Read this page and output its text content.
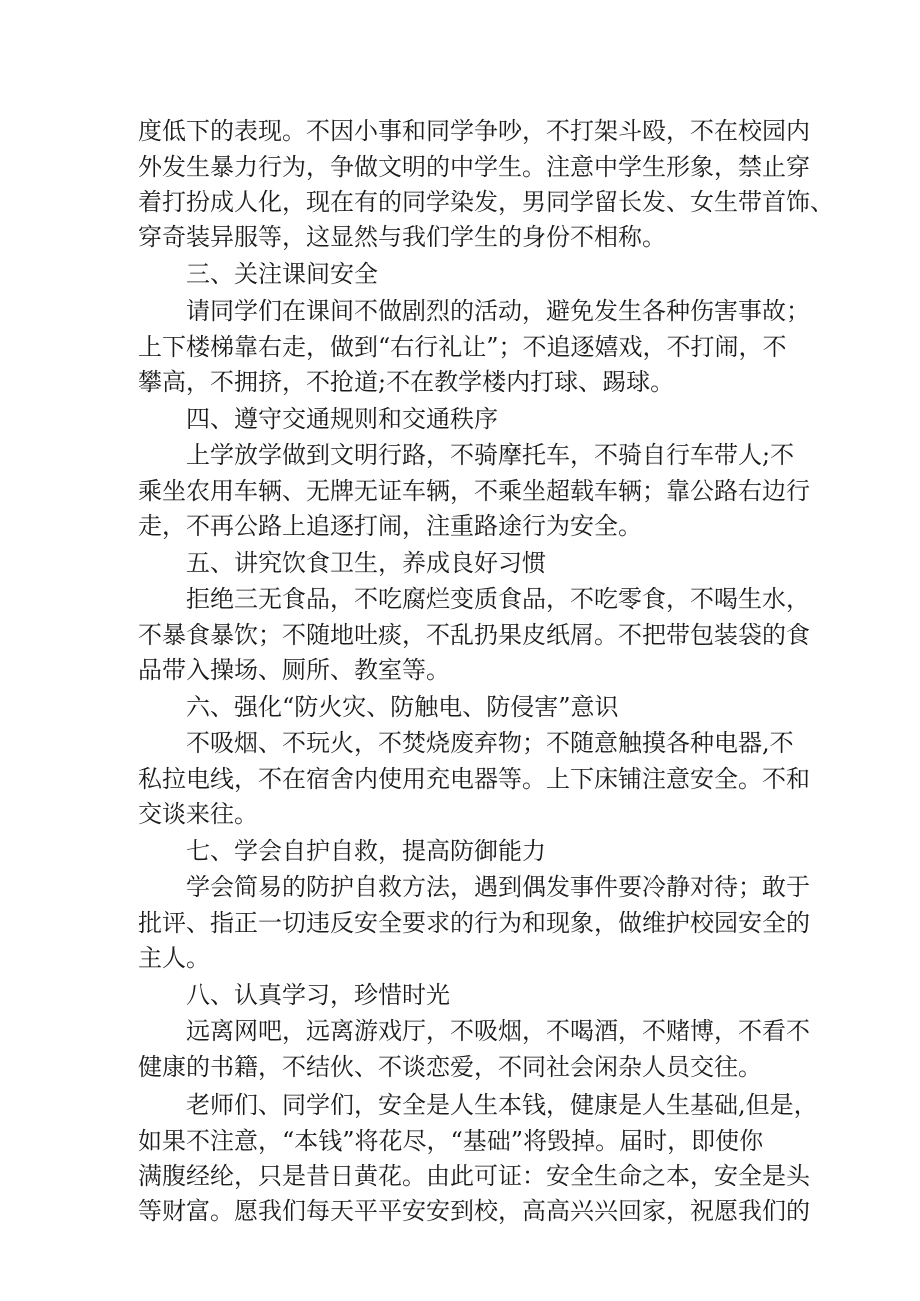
度低下的表现。不因小事和同学争吵，不打架斗殴，不在校园内
外发生暴力行为，争做文明的中学生。注意中学生形象，禁止穿
着打扮成人化，现在有的同学染发，男同学留长发、女生带首饰、
穿奇装异服等，这显然与我们学生的身份不相称。
三、关注课间安全
请同学们在课间不做剧烈的活动，避免发生各种伤害事故；
上下楼梯靠右走，做到“右行礼让”；不追逐嬉戏，不打闹，不
攀高，不拥挤，不抢道;不在教学楼内打球、踢球。
四、遵守交通规则和交通秩序
上学放学做到文明行路，不骑摩托车，不骑自行车带人;不
乘坐农用车辆、无牌无证车辆，不乘坐超载车辆；靠公路右边行
走，不再公路上追逐打闹，注重路途行为安全。
五、讲究饮食卫生，养成良好习惯
拒绝三无食品，不吃腐烂变质食品，不吃零食，不喝生水，
不暴食暴饮；不随地吐痰，不乱扔果皮纸屑。不把带包装袋的食
品带入操场、厕所、教室等。
六、强化“防火灾、防触电、防侵害”意识
不吸烟、不玩火，不焚烧废弃物；不随意触摸各种电器,不
私拉电线，不在宿舍内使用充电器等。上下床铺注意安全。不和
交谈来往。
七、学会自护自救，提高防御能力
学会简易的防护自救方法，遇到偶发事件要冷静对待；敢于
批评、指正一切违反安全要求的行为和现象，做维护校园安全的
主人。
八、认真学习，珍惜时光
远离网吧，远离游戏厅，不吸烟，不喝酒，不赌博，不看不
健康的书籍，不结伙、不谈恋爱，不同社会闲杂人员交往。
老师们、同学们，安全是人生本钱，健康是人生基础,但是，
如果不注意，“本钱”将花尽，“基础”将毁掉。届时，即使你
满腹经纶，只是昔日黄花。由此可证：安全生命之本，安全是头
等财富。愿我们每天平平安安到校，高高兴兴回家，祝愿我们的
